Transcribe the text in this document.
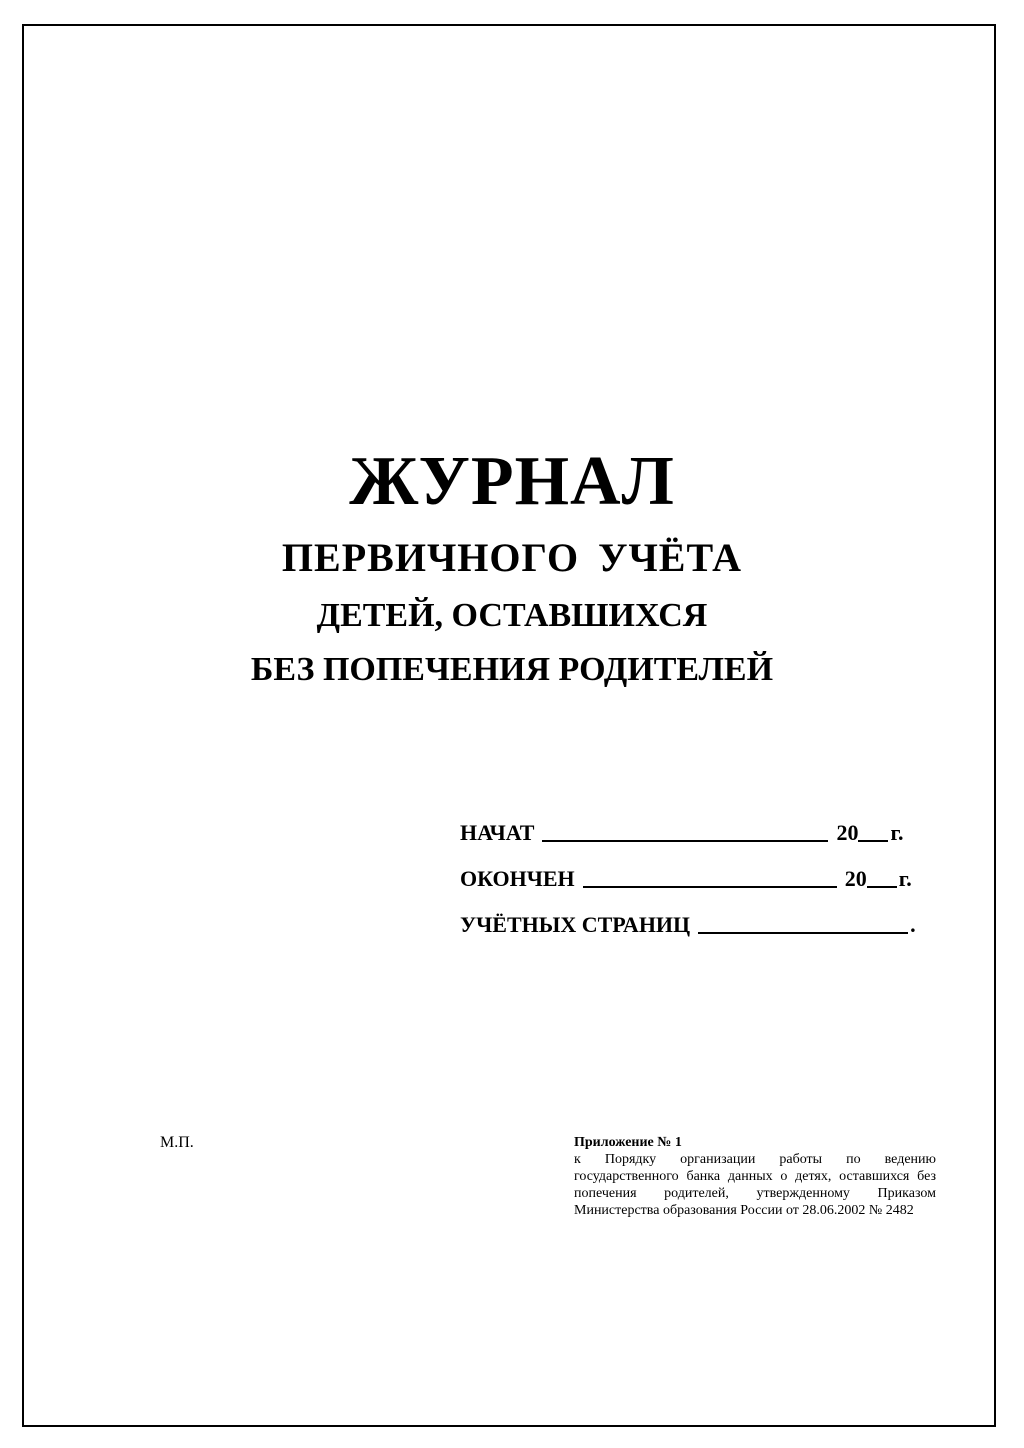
ЖУРНАЛ
ПЕРВИЧНОГО УЧЁТА
ДЕТЕЙ, ОСТАВШИХСЯ
БЕЗ ПОПЕЧЕНИЯ РОДИТЕЛЕЙ
НАЧАТ	20 г.
ОКОНЧЕН	20 г.
УЧЁТНЫХ СТРАНИЦ	.
М.П.	Приложение № 1
к Порядку организации работы по ведению государственного банка данных о детях, оставшихся без попечения родителей, утвержденному Приказом Министерства образования России от 28.06.2002 № 2482
